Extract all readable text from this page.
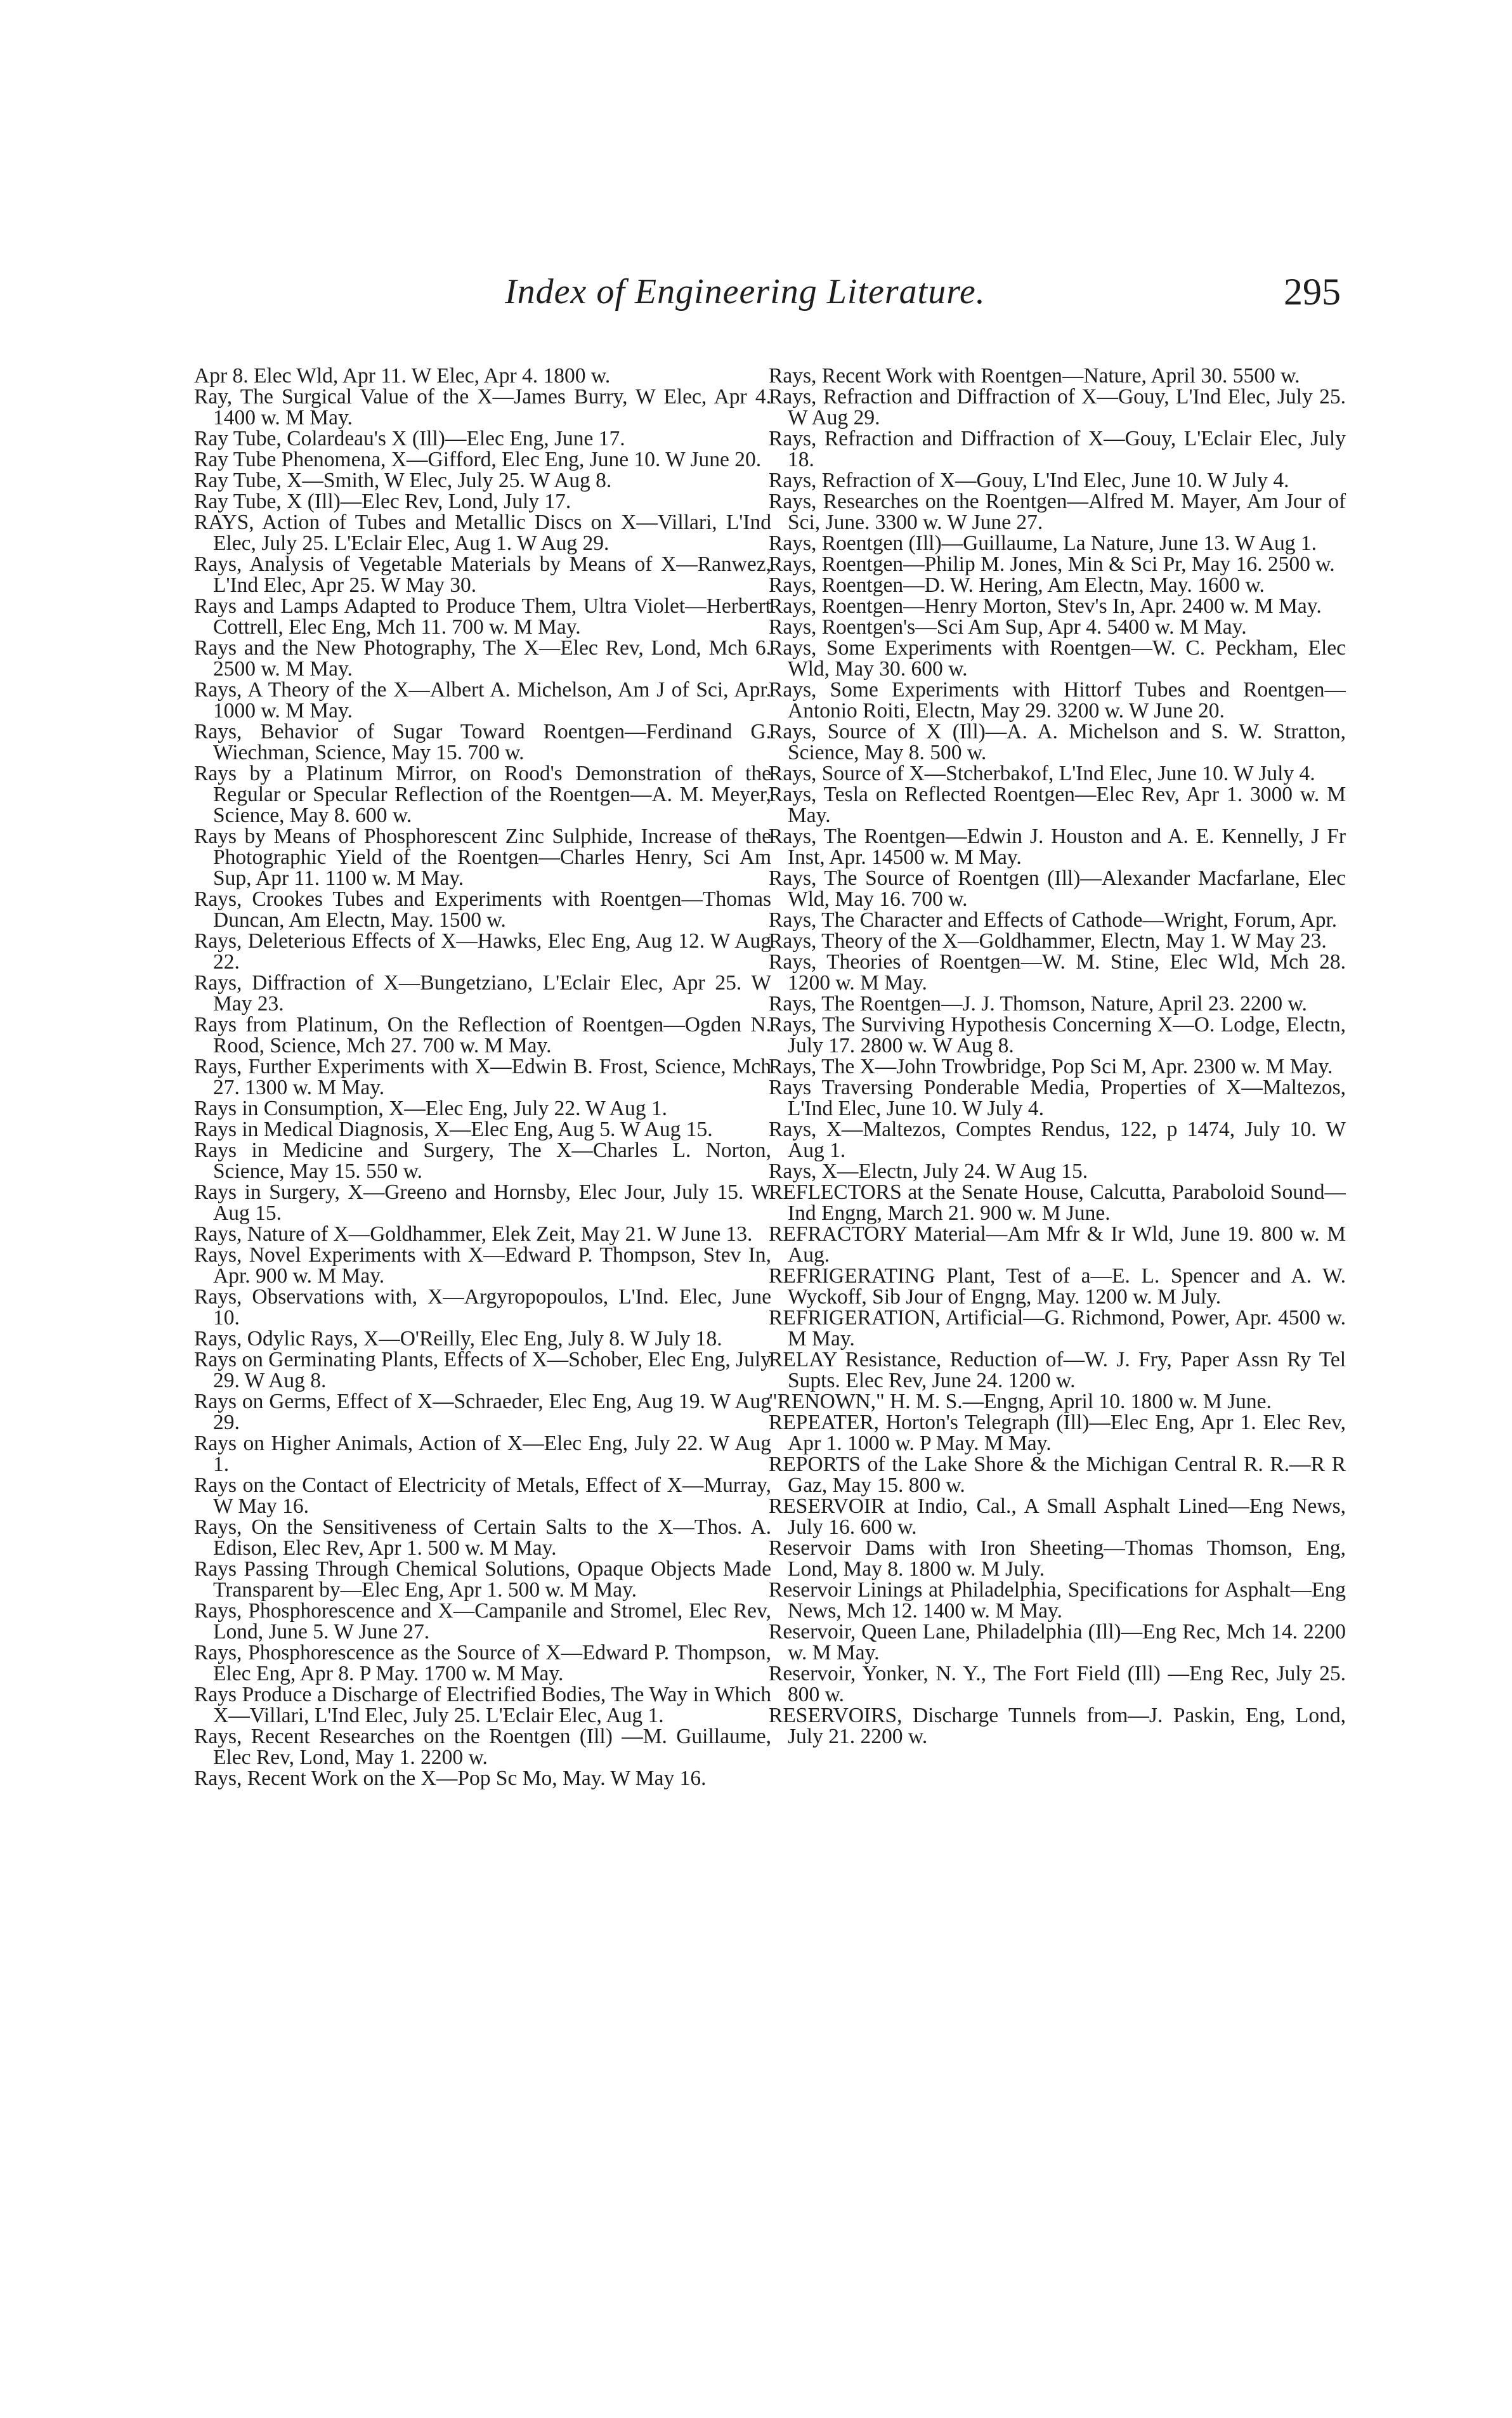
Index of Engineering Literature.	295

Apr 8. Elec Wld, Apr 11. W Elec, Apr 4. 1800 w.

Ray, The Surgical Value of the X—James Burry, W Elec, Apr 4. 1400 w. M May.

Ray Tube, Colardeau's X (Ill)—Elec Eng, June 17.

Ray Tube Phenomena, X—Gifford, Elec Eng, June 10. W June 20.

Ray Tube, X—Smith, W Elec, July 25. W Aug 8.

Ray Tube, X (Ill)—Elec Rev, Lond, July 17.

RAYS, Action of Tubes and Metallic Discs on X—Villari, L'Ind Elec, July 25. L'Eclair Elec, Aug 1. W Aug 29.

Rays, Analysis of Vegetable Materials by Means of X—Ranwez, L'Ind Elec, Apr 25. W May 30.

Rays and Lamps Adapted to Produce Them, Ultra Violet—Herbert Cottrell, Elec Eng, Mch 11. 700 w. M May.

Rays and the New Photography, The X—Elec Rev, Lond, Mch 6. 2500 w. M May.

Rays, A Theory of the X—Albert A. Michelson, Am J of Sci, Apr. 1000 w. M May.

Rays, Behavior of Sugar Toward Roentgen—Ferdinand G. Wiechman, Science, May 15. 700 w.

Rays by a Platinum Mirror, on Rood's Demonstration of the Regular or Specular Reflection of the Roentgen—A. M. Meyer, Science, May 8. 600 w.

Rays by Means of Phosphorescent Zinc Sulphide, Increase of the Photographic Yield of the Roentgen—Charles Henry, Sci Am Sup, Apr 11. 1100 w. M May.

Rays, Crookes Tubes and Experiments with Roentgen—Thomas Duncan, Am Electn, May. 1500 w.

Rays, Deleterious Effects of X—Hawks, Elec Eng, Aug 12. W Aug 22.

Rays, Diffraction of X—Bungetziano, L'Eclair Elec, Apr 25. W May 23.

Rays from Platinum, On the Reflection of Roentgen—Ogden N. Rood, Science, Mch 27. 700 w. M May.

Rays, Further Experiments with X—Edwin B. Frost, Science, Mch 27. 1300 w. M May.

Rays in Consumption, X—Elec Eng, July 22. W Aug 1.

Rays in Medical Diagnosis, X—Elec Eng, Aug 5. W Aug 15.

Rays in Medicine and Surgery, The X—Charles L. Norton, Science, May 15. 550 w.

Rays in Surgery, X—Greeno and Hornsby, Elec Jour, July 15. W Aug 15.

Rays, Nature of X—Goldhammer, Elek Zeit, May 21. W June 13.

Rays, Novel Experiments with X—Edward P. Thompson, Stev In, Apr. 900 w. M May.

Rays, Observations with, X—Argyropopoulos, L'Ind. Elec, June 10.

Rays, Odylic Rays, X—O'Reilly, Elec Eng, July 8. W July 18.

Rays on Germinating Plants, Effects of X—Schober, Elec Eng, July 29. W Aug 8.

Rays on Germs, Effect of X—Schraeder, Elec Eng, Aug 19. W Aug 29.

Rays on Higher Animals, Action of X—Elec Eng, July 22. W Aug 1.

Rays on the Contact of Electricity of Metals, Effect of X—Murray, W May 16.

Rays, On the Sensitiveness of Certain Salts to the X—Thos. A. Edison, Elec Rev, Apr 1. 500 w. M May.

Rays Passing Through Chemical Solutions, Opaque Objects Made Transparent by—Elec Eng, Apr 1. 500 w. M May.

Rays, Phosphorescence and X—Campanile and Stromel, Elec Rev, Lond, June 5. W June 27.

Rays, Phosphorescence as the Source of X—Edward P. Thompson, Elec Eng, Apr 8. P May. 1700 w. M May.

Rays Produce a Discharge of Electrified Bodies, The Way in Which X—Villari, L'Ind Elec, July 25. L'Eclair Elec, Aug 1.

Rays, Recent Researches on the Roentgen (Ill) —M. Guillaume, Elec Rev, Lond, May 1. 2200 w.

Rays, Recent Work on the X—Pop Sc Mo, May. W May 16.

Rays, Recent Work with Roentgen—Nature, April 30. 5500 w.

Rays, Refraction and Diffraction of X—Gouy, L'Ind Elec, July 25. W Aug 29.

Rays, Refraction and Diffraction of X—Gouy, L'Eclair Elec, July 18.

Rays, Refraction of X—Gouy, L'Ind Elec, June 10. W July 4.

Rays, Researches on the Roentgen—Alfred M. Mayer, Am Jour of Sci, June. 3300 w. W June 27.

Rays, Roentgen (Ill)—Guillaume, La Nature, June 13. W Aug 1.

Rays, Roentgen—Philip M. Jones, Min & Sci Pr, May 16. 2500 w.

Rays, Roentgen—D. W. Hering, Am Electn, May. 1600 w.

Rays, Roentgen—Henry Morton, Stev's In, Apr. 2400 w. M May.

Rays, Roentgen's—Sci Am Sup, Apr 4. 5400 w. M May.

Rays, Some Experiments with Roentgen—W. C. Peckham, Elec Wld, May 30. 600 w.

Rays, Some Experiments with Hittorf Tubes and Roentgen—Antonio Roiti, Electn, May 29. 3200 w. W June 20.

Rays, Source of X (Ill)—A. A. Michelson and S. W. Stratton, Science, May 8. 500 w.

Rays, Source of X—Stcherbakof, L'Ind Elec, June 10. W July 4.

Rays, Tesla on Reflected Roentgen—Elec Rev, Apr 1. 3000 w. M May.

Rays, The Roentgen—Edwin J. Houston and A. E. Kennelly, J Fr Inst, Apr. 14500 w. M May.

Rays, The Source of Roentgen (Ill)—Alexander Macfarlane, Elec Wld, May 16. 700 w.

Rays, The Character and Effects of Cathode—Wright, Forum, Apr.

Rays, Theory of the X—Goldhammer, Electn, May 1. W May 23.

Rays, Theories of Roentgen—W. M. Stine, Elec Wld, Mch 28. 1200 w. M May.

Rays, The Roentgen—J. J. Thomson, Nature, April 23. 2200 w.

Rays, The Surviving Hypothesis Concerning X—O. Lodge, Electn, July 17. 2800 w. W Aug 8.

Rays, The X—John Trowbridge, Pop Sci M, Apr. 2300 w. M May.

Rays Traversing Ponderable Media, Properties of X—Maltezos, L'Ind Elec, June 10. W July 4.

Rays, X—Maltezos, Comptes Rendus, 122, p 1474, July 10. W Aug 1.

Rays, X—Electn, July 24. W Aug 15.

REFLECTORS at the Senate House, Calcutta, Paraboloid Sound—Ind Engng, March 21. 900 w. M June.

REFRACTORY Material—Am Mfr & Ir Wld, June 19. 800 w. M Aug.

REFRIGERATING Plant, Test of a—E. L. Spencer and A. W. Wyckoff, Sib Jour of Engng, May. 1200 w. M July.

REFRIGERATION, Artificial—G. Richmond, Power, Apr. 4500 w. M May.

RELAY Resistance, Reduction of—W. J. Fry, Paper Assn Ry Tel Supts. Elec Rev, June 24. 1200 w.

"RENOWN," H. M. S.—Engng, April 10. 1800 w. M June.

REPEATER, Horton's Telegraph (Ill)—Elec Eng, Apr 1. Elec Rev, Apr 1. 1000 w. P May. M May.

REPORTS of the Lake Shore & the Michigan Central R. R.—R R Gaz, May 15. 800 w.

RESERVOIR at Indio, Cal., A Small Asphalt Lined—Eng News, July 16. 600 w.

Reservoir Dams with Iron Sheeting—Thomas Thomson, Eng, Lond, May 8. 1800 w. M July.

Reservoir Linings at Philadelphia, Specifications for Asphalt—Eng News, Mch 12. 1400 w. M May.

Reservoir, Queen Lane, Philadelphia (Ill)—Eng Rec, Mch 14. 2200 w. M May.

Reservoir, Yonker, N. Y., The Fort Field (Ill) —Eng Rec, July 25. 800 w.

RESERVOIRS, Discharge Tunnels from—J. Paskin, Eng, Lond, July 21. 2200 w.
